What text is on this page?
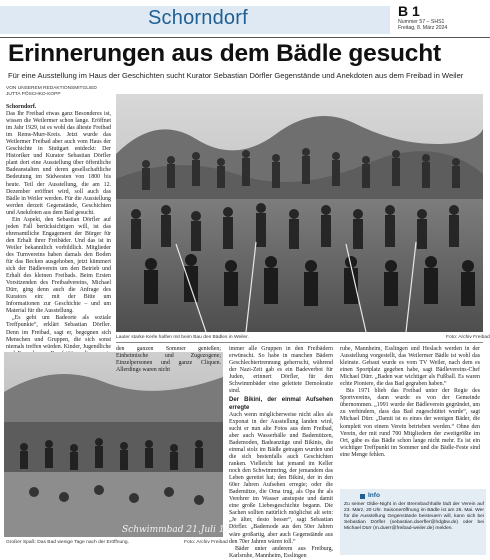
Schorndorf	B 1
Nummer 57 – SHS1
Freitag, 8. März 2024
Erinnerungen aus dem Bädle gesucht
Für eine Ausstellung im Haus der Geschichten sucht Kurator Sebastian Dörfler Gegenstände und Anekdoten aus dem Freibad in Weiler
VON UNSEREM REDAKTIONSMITGLIED
JUTTA PÖSCHKO-KOPP

Schorndorf.

Das Ihr Freibad etwas ganz Besonderes ist, wissen die Weilermer schon lange. Eröffnet im Jahr 1929, ist es wohl das älteste Freibad im Rems-Murr-Kreis. Jetzt wurde das Weilermer Freibad aber auch vom Haus der Geschichte in Stuttgart entdeckt: Der Historiker und Kurator Sebastian Dörfler plant dort eine Ausstellung über öffentliche Badeanstalten und deren gesellschaftliche Bedeutung im Südwesten von 1800 bis heute. Teil der Ausstellung, die am 12. Dezember eröffnet wird, soll auch das Bädle in Weiler werden. Für die Ausstellung werden derzeit Gegenstände, Geschichten und Anekdoten aus dem Bad gesucht.

Ein Aspekt, den Sebastian Dörfler auf jeden Fall berücksichtigen will, ist das ehrenamtliche Engagement der Bürger für den Erhalt ihrer Freibäder. Und das ist in Weiler bekanntlich vorbildlich. Mitglieder des Turnvereins haben damals den Boden für das Becken ausgehoben, jetzt kümmert sich der Bädleverein um den Betrieb und Erhalt des kleinen Freibads. Beim Ersten Vorsitzenden des Freibadvereins, Michael Dürr, ging denn auch die Anfrage des Kurators ein: mit der Bitte um Informationen zur Geschichte – und um Material für die Ausstellung.

„Es geht um Badeorte als soziale Treffpunkte“, erklärt Sebastian Dörfler. Denn im Freibad, sagt er, begegnen sich Menschen und Gruppen, die sich sonst niemals treffen würden. Kinder, Jugendliche

Lauter starke Kerle halfen mit beim Bau des Bädles in Weiler.	Foto: Archiv Freibad
Schwimmbad 21.Juli 1929
Großer Spaß: Das Bad wenige Tage nach der Eröffnung.	Foto: Archiv Freibad

den ganzen Sommer genießen; Einheimische und Zugezogene; Einzelpersonen und ganze Cliquen. Allerdings waren nicht

immer alle Gruppen in den Freibädern erwünscht. So habe in manchen Bädern Geschlechtertrennung geherrscht, während der Nazi-Zeit gab es ein Badeverbot für Juden, erinnert Dörfler, für den Schwimmbäder eine geleitete Demokratie sind.

Der Bikini, der einmal Aufsehen erregte

Auch wenn möglicherweise nicht alles als Exponat in der Ausstellung landen wird, sucht er nun alte Fotos aus dem Freibad, aber auch Wasserbälle und Bademützen, Bademoden, Badeanzüge und Bikinis, die einmal stolz im Bädle getragen wurden und die sich bestenfalls auch Geschichten ranken. Vielleicht hat jemand im Keller noch den Schwimmring, der jemandem das Leben gerettet hat; den Bikini, der in den 60er Jahren Aufsehen erregte; oder die Bademütze, die Oma trug, als Opa ihr als Verehrer im Wasser anstupste und damit eine große Liebesgeschichte begann. Die Sachen sollten natürlich möglichst alt sein: „Je älter, desto besser“, sagt Sebastian Dörfler. „Bademode aus den 50er Jahren wäre großartig, aber auch Gegenstände aus den 70er Jahren wären toll.“

Bäder unter anderem aus Freiburg, Karlsruhe, Mannheim, Esslingen

ruhe, Mannheim, Esslingen und Heslach werden in der Ausstellung vorgestellt, das Weilermer Bädle ist wohl das kleinste. Gebaut wurde es vom TV Weiler, nach dem es einen Sportplatz gegeben habe, sagt Bädlevereins-Chef Michael Dürr. „Baden war wichtiger als Fußball. Es waren echte Pioniere, die das Bad gegraben haben.“

Bis 1971 blieb das Freibad unter der Regie des Sportvereins, dann wurde es von der Gemeinde übernommen. „1991 wurde der Bädleverein gegründet, um zu verhindern, dass das Bad zugeschüttet wurde“, sagt Michael Dürr. „Damit ist es eines der wenigen Bäder, die komplett von einem Verein betrieben werden.“ Ohne den Verein, der mit rund 700 Mitgliedern der zweitgrößte im Ort, gäbe es das Bädle schon lange nicht mehr. Es ist ein wichtiger Treffpunkt im Sommer und die Bädle-Feste sind eine Menge fehlen.

Info
Zu seiner Oldie-Night in der Brennbachhalle lädt der Verein auf 23. März, 20 Uhr. Saisoneröffnung im Bädle ist am 25. Mai. Wer für die Ausstellung Gegenstände beisteuern will, kann sich bei Sebastian Dörfler (sebastian.doerfler@hdgbw.de) oder bei Michael Dürr (m.duerr@freibad-weiler.de) melden.
